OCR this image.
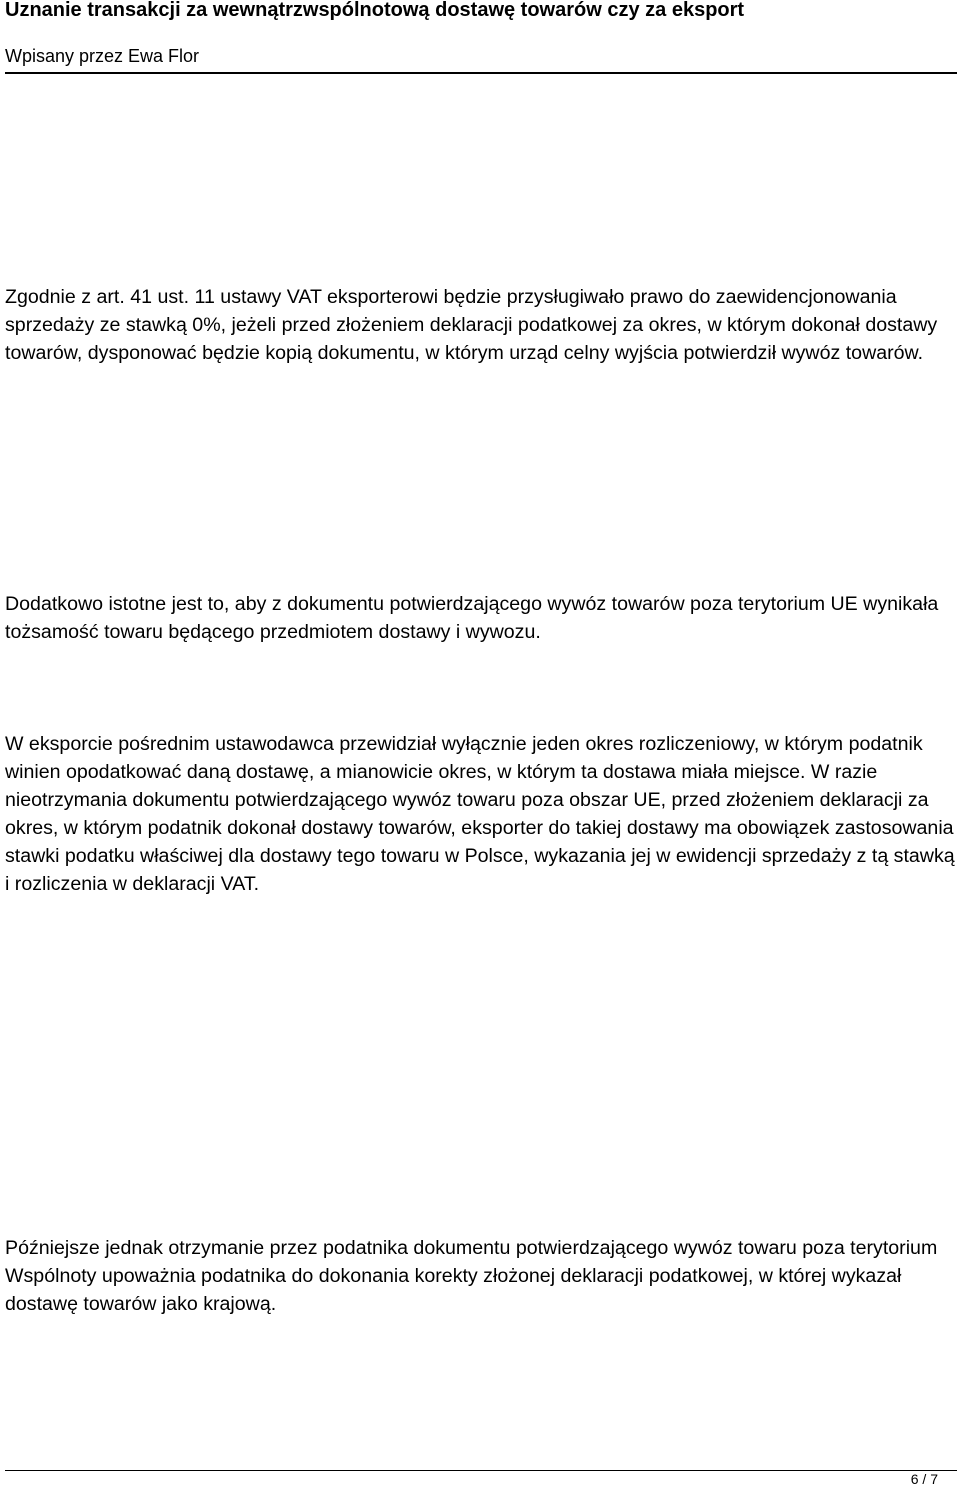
Uznanie transakcji za wewnątrzwspólnotową dostawę towarów czy za eksport
Wpisany przez Ewa Flor

Zgodnie z art. 41 ust. 11 ustawy VAT eksporterowi będzie przysługiwało prawo do zaewidencjonowania sprzedaży ze stawką 0%, jeżeli przed złożeniem deklaracji podatkowej za okres, w którym dokonał dostawy towarów, dysponować będzie kopią dokumentu, w którym urząd celny wyjścia potwierdził wywóz towarów.

Dodatkowo istotne jest to, aby z dokumentu potwierdzającego wywóz towarów poza terytorium UE wynikała tożsamość towaru będącego przedmiotem dostawy i wywozu.

W eksporcie pośrednim ustawodawca przewidział wyłącznie jeden okres rozliczeniowy, w którym podatnik winien opodatkować daną dostawę, a mianowicie okres, w którym ta dostawa miała miejsce. W razie nieotrzymania dokumentu potwierdzającego wywóz towaru poza obszar UE, przed złożeniem deklaracji za okres, w którym podatnik dokonał dostawy towarów, eksporter do takiej dostawy ma obowiązek zastosowania stawki podatku właściwej dla dostawy tego towaru w Polsce, wykazania jej w ewidencji sprzedaży z tą stawką i rozliczenia w deklaracji VAT.

Późniejsze jednak otrzymanie przez podatnika dokumentu potwierdzającego wywóz towaru poza terytorium Wspólnoty upoważnia podatnika do dokonania korekty złożonej deklaracji podatkowej, w której wykazał dostawę towarów jako krajową.

6 / 7
